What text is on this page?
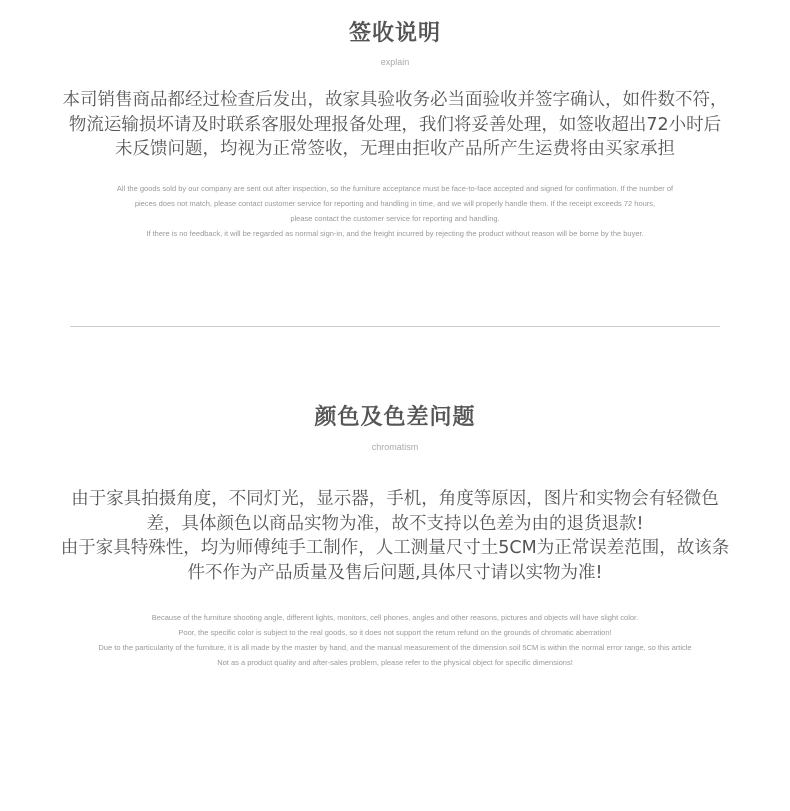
签收说明
explain
本司销售商品都经过检查后发出，故家具验收务必当面验收并签字确认，如件数不符，
物流运输损坏请及时联系客服处理报备处理，我们将妥善处理，如签收超出72小时后
未反馈问题，均视为正常签收，无理由拒收产品所产生运费将由买家承担
All the goods sold by our company are sent out after inspection, so the furniture acceptance must be face-to-face accepted and signed for confirmation. If the number of
pieces does not match, please contact customer service for reporting and handling in time, and we will properly handle them. If the receipt exceeds 72 hours,
please contact the customer service for reporting and handling.
If there is no feedback, it will be regarded as normal sign-in, and the freight incurred by rejecting the product without reason will be borne by the buyer.
颜色及色差问题
chromatism
由于家具拍摄角度，不同灯光，显示器，手机，角度等原因，图片和实物会有轻微色
差，具体颜色以商品实物为准，故不支持以色差为由的退货退款!
由于家具特殊性，均为师傅纯手工制作，人工测量尺寸土5CM为正常误差范围，故该条
件不作为产品质量及售后问题,具体尺寸请以实物为准!
Because of the furniture shooting angle, different lights, monitors, cell phones, angles and other reasons, pictures and objects will have slight color.
Poor, the specific color is subject to the real goods, so it does not support the return refund on the grounds of chromatic aberration!
Due to the particularity of the furniture, it is all made by the master by hand, and the manual measurement of the dimension soil 5CM is within the normal error range, so this article
Not as a product quality and after-sales problem, please refer to the physical object for specific dimensions!
